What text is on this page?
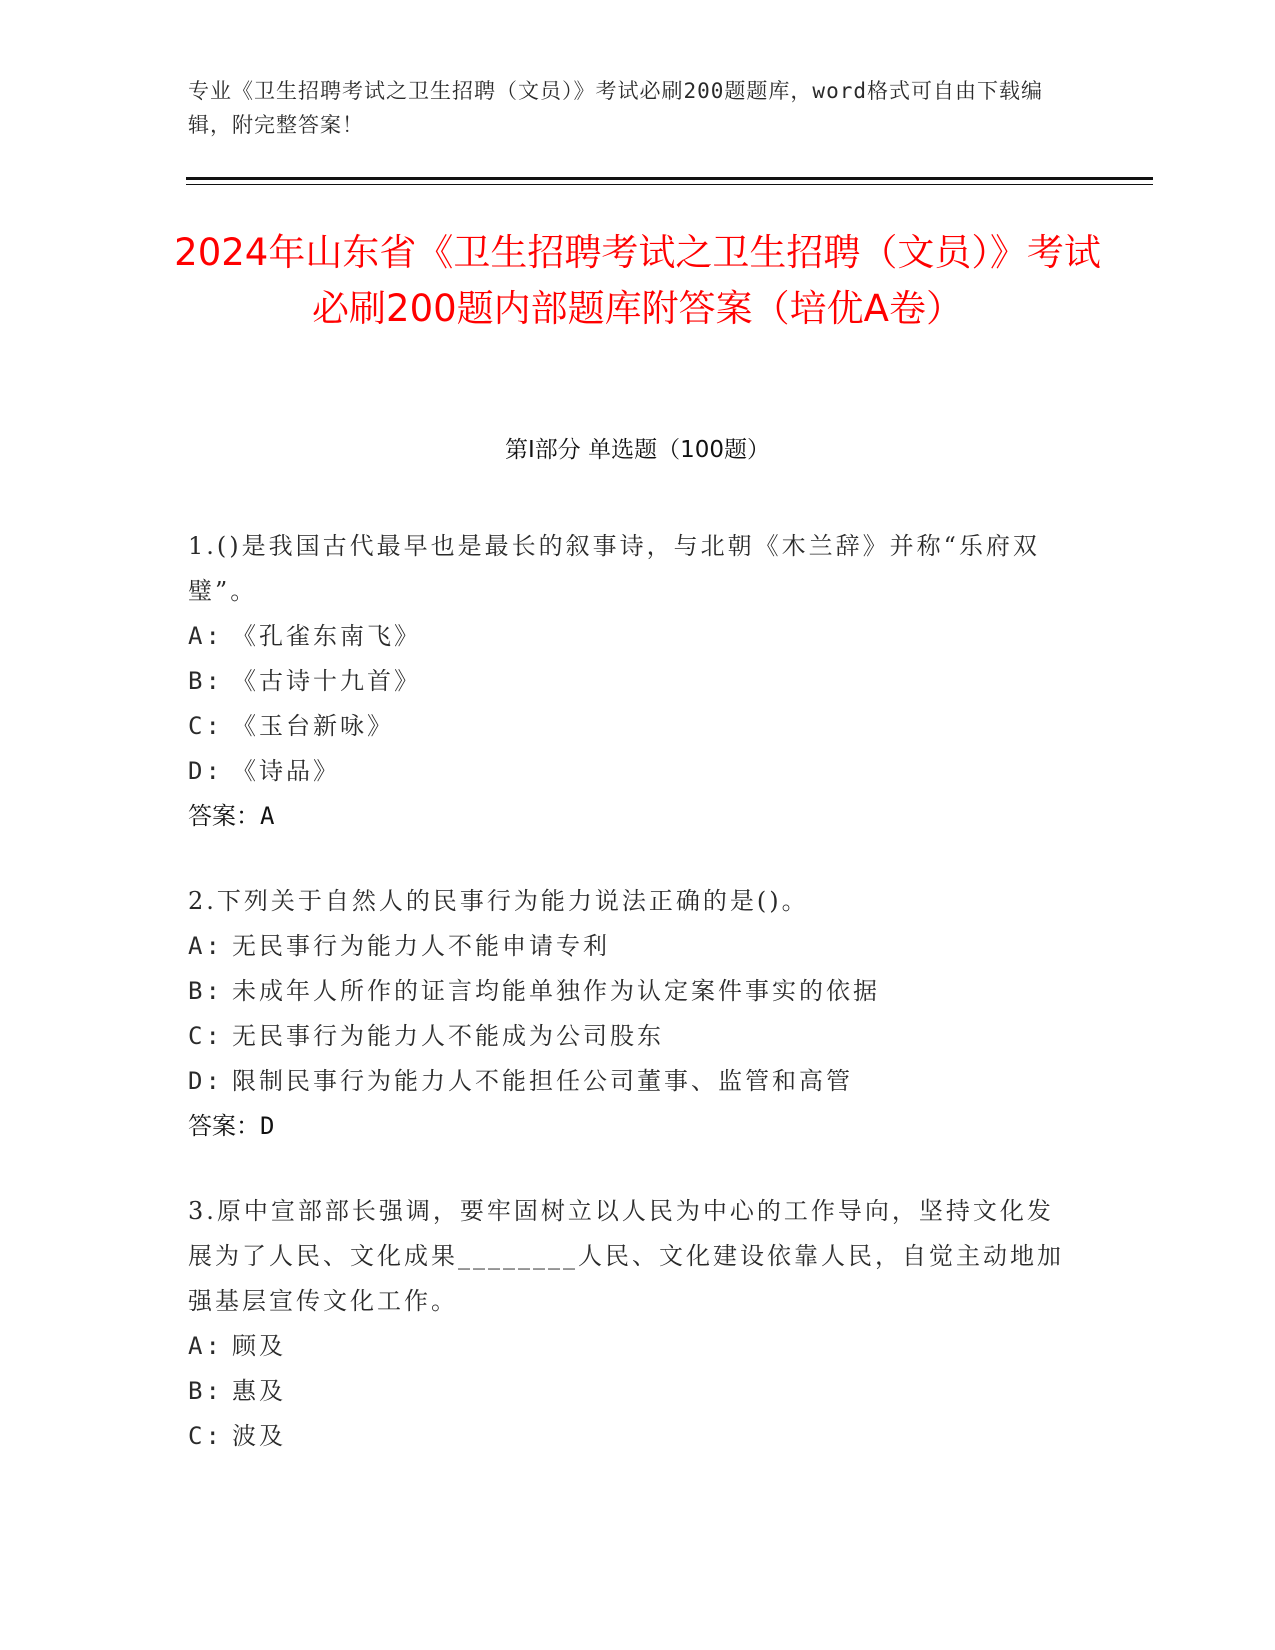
专业《卫生招聘考试之卫生招聘（文员）》考试必刷200题题库，word格式可自由下载编辑，附完整答案！
2024年山东省《卫生招聘考试之卫生招聘（文员）》考试必刷200题内部题库附答案（培优A卷）
第Ⅰ部分 单选题（100题）
1.()是我国古代最早也是最长的叙事诗，与北朝《木兰辞》并称“乐府双璧”。
A: 《孔雀东南飞》
B: 《古诗十九首》
C: 《玉台新咏》
D: 《诗品》
答案：A
2.下列关于自然人的民事行为能力说法正确的是()。
A: 无民事行为能力人不能申请专利
B: 未成年人所作的证言均能单独作为认定案件事实的依据
C: 无民事行为能力人不能成为公司股东
D: 限制民事行为能力人不能担任公司董事、监管和高管
答案：D
3.原中宣部部长强调，要牢固树立以人民为中心的工作导向，坚持文化发展为了人民、文化成果________人民、文化建设依靠人民，自觉主动地加强基层宣传文化工作。
A: 顾及
B: 惠及
C: 波及
